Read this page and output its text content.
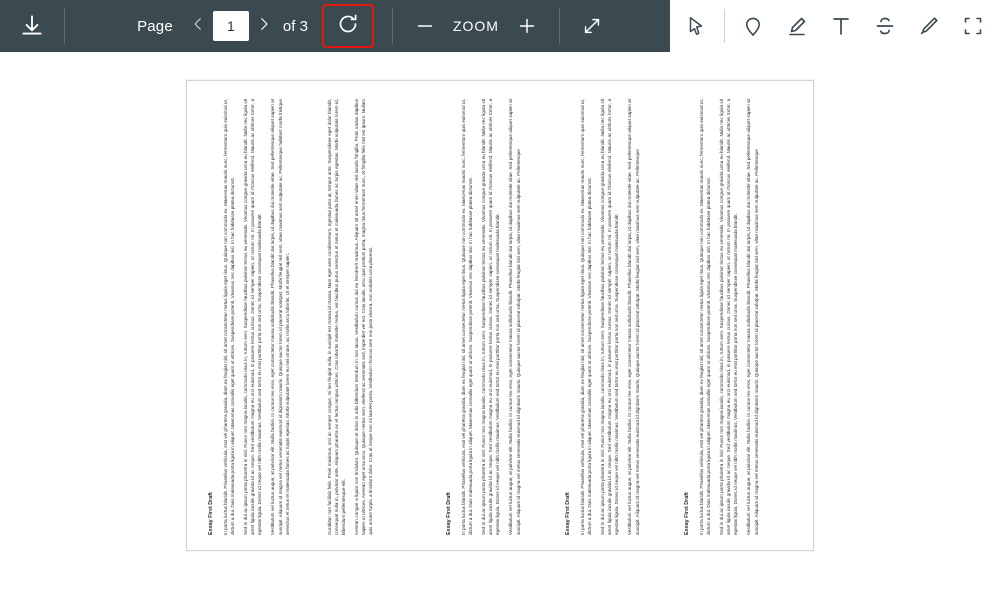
Page
1	of 3	ZOOM
Essay First Draft In porta luctus blandit. Phasellus vehicula, erat vel pharetra gravida, diam ex feugiat nisl, sit amet consectetur metus ligula eget risus. Quisque non commodo ex. Maecenas mauris nunc, fermentum quis euismod ut, dictum a dui. Duis malesuada porta ligula in aliquet. Maecenas convallis eget quam ut ultrices. Suspendisse potenti. Vivamus nec dapibus nisl. In hac habitasse platea dictumst. Sed in dui ac ipsum porta pharetra in nisl. Fusce non magna iaculis, commodo risus in, rutrum sem. Suspendisse faucibus pulvinar lectus eu venenatis. Vivamus congue gravida urna eu blandit. Nulla nec ligula sit amet ligula iaculis gravida id ac neque. Sed vestibulum magna eu orci euismod, in posuere lectus cursus. Donec id semper sapien, ut rutrum mi. In posuere quam id rhoncus eleifend. Mauris ac ultrices tortor, a egestas ligula. Donec id neque vel nibh mollis maximus. Vestibulum sed tortor eu erat porttitor porta non sed urna. Suspendisse consequat malesuada blandit. Vestibulum vel luctus augue, at pulvinar elit. Nulla facilisi. In cursus leo eros, eget consectetur massa sollicitudin blandit. Phasellus blandit dui turpis, id dapibus dui molestie vitae. Sed pellentesque aliquet sapien at suscipit. Aliquam id magna vel metus venenatis euismod id dignissim mauris. Quisque auctor lorem id placerat volutpat. Morbi feugiat nisl sem, vitae maximus sem vulputate ac. Pellentesque habitant morbi tristique senectus et netus et malesuada fames ac turpis egestas. Morbi vulputate lorem eu nisi ornare, ac mollis arcu lobortis. Ut et semper sapien.	Curabitur non facilisis felis. Proin maximus, orci ac semper congue, mi leo feugiat nulla, in suscipit est massa id massa. Nam eget ante condimentum, egestas justo at, tempor ante. Suspendisse eget dolor blandit, consequat nulla in, pulvinar ante. Aliquam pharetra ex et lectus tempus ultrices. Cras lobortis molestie metus, vel faucibus purus senectus et netus et malesuada fames ac turpis egestas. Morbi vulputate lorem id, bibendum pellentesque elit. Aenean congue a ligula non tincidunt. Quisque at dolor in odio bibendum interdum in non lacus. Vestibulum cursus dui eu hendrerit maximus. Aliquam sit amet enim vitae nisl iaculis fringilla. Proin varius dapibus sapien ut ultrices. Aenean eget urna arcu. Quisque metus sem, eleifend ac venenatis sed, imperdiet vel est. Cras iaculis, arcu quis pretium porta, magna risus fermentum nunc, et fringilla felis nisl est ipsum. Nullam quis ornare turpis, a tincidunt dolor. Cras ut neque non mi laoreet porta. Vestibulum rhoncus sem non justo viverra, non sodales urna placerat.	Essay First Draft In porta luctus blandit. Phasellus vehicula, erat vel pharetra gravida, diam ex feugiat nisl, sit amet consectetur metus ligula eget risus. Quisque non commodo ex. Maecenas mauris nunc, fermentum quis euismod ut, dictum a dui. Duis malesuada porta ligula in aliquet. Maecenas convallis eget quam ut ultrices. Suspendisse potenti. Vivamus nec dapibus nisl. In hac habitasse platea dictumst. Sed in dui ac ipsum porta pharetra in nisl. Fusce non magna iaculis, commodo risus in, rutrum sem. Suspendisse faucibus pulvinar lectus eu venenatis. Vivamus congue gravida urna eu blandit. Nulla nec ligula sit amet ligula iaculis gravida id ac neque. Sed vestibulum magna eu orci euismod, in posuere lectus cursus. Donec id semper sapien, ut rutrum mi. In posuere quam id rhoncus eleifend. Mauris ac ultrices tortor, a egestas ligula. Donec id neque vel nibh mollis maximus. Vestibulum sed tortor eu erat porttitor porta non sed urna. Suspendisse consequat malesuada blandit. Vestibulum vel luctus augue, at pulvinar elit. Nulla facilisi. In cursus leo eros, eget consectetur massa sollicitudin blandit. Phasellus blandit dui turpis, id dapibus dui molestie vitae. Sed pellentesque aliquet sapien at suscipit. Aliquam id magna vel metus venenatis euismod id dignissim mauris. Quisque auctor lorem id placerat volutpat. Morbi feugiat nisl sem, vitae maximus sem vulputate ac. Pellentesque	Essay First Draft In porta luctus blandit. Phasellus vehicula, erat vel pharetra gravida, diam ex feugiat nisl, sit amet consectetur metus ligula eget risus. Quisque non commodo ex. Maecenas mauris nunc, fermentum quis euismod ut, dictum a dui. Duis malesuada porta ligula in aliquet. Maecenas convallis eget quam ut ultrices. Suspendisse potenti. Vivamus nec dapibus nisl. In hac habitasse platea dictumst. Sed in dui ac ipsum porta pharetra in nisl. Fusce non magna iaculis, commodo risus in, rutrum sem. Suspendisse faucibus pulvinar lectus eu venenatis. Vivamus congue gravida urna eu blandit. Nulla nec ligula sit amet ligula iaculis gravida id ac neque. Sed vestibulum magna eu orci euismod, in posuere lectus cursus. Donec id semper sapien, ut rutrum mi. In posuere quam id rhoncus eleifend. Mauris ac ultrices tortor, a egestas ligula. Donec id neque vel nibh mollis maximus. Vestibulum sed tortor eu erat porttitor porta non sed urna. Suspendisse consequat malesuada blandit. Vestibulum vel luctus augue, at pulvinar elit. Nulla facilisi. In cursus leo eros, eget consectetur massa sollicitudin blandit. Phasellus blandit dui turpis, id dapibus dui molestie vitae. Sed pellentesque aliquet sapien at suscipit. Aliquam id magna vel metus venenatis euismod id dignissim mauris. Quisque auctor lorem id placerat volutpat. Morbi feugiat nisl sem, vitae maximus sem vulputate ac. Pellentesque	Essay First Draft In porta luctus blandit. Phasellus vehicula, erat vel pharetra gravida, diam ex feugiat nisl, sit amet consectetur metus ligula eget risus. Quisque non commodo ex. Maecenas mauris nunc, fermentum quis euismod ut, dictum a dui. Duis malesuada porta ligula in aliquet. Maecenas convallis eget quam ut ultrices. Suspendisse potenti. Vivamus nec dapibus nisl. In hac habitasse platea dictumst. Sed in dui ac ipsum porta pharetra in nisl. Fusce non magna iaculis, commodo risus in, rutrum sem. Suspendisse faucibus pulvinar lectus eu venenatis. Vivamus congue gravida urna eu blandit. Nulla nec ligula sit amet ligula iaculis gravida id ac neque. Sed vestibulum magna eu orci euismod, in posuere lectus cursus. Donec id semper sapien, ut rutrum mi. In posuere quam id rhoncus eleifend. Mauris ac ultrices tortor, a egestas ligula. Donec id neque vel nibh mollis maximus. Vestibulum sed tortor eu erat porttitor porta non sed urna. Suspendisse consequat malesuada blandit. Vestibulum vel luctus augue, at pulvinar elit. Nulla facilisi. In cursus leo eros, eget consectetur massa sollicitudin blandit. Phasellus blandit dui turpis, id dapibus dui molestie vitae. Sed pellentesque aliquet sapien at suscipit. Aliquam id magna vel metus venenatis euismod id dignissim mauris. Quisque auctor lorem id placerat volutpat. Morbi feugiat nisl sem, vitae maximus sem vulputate ac. Pellentesque
